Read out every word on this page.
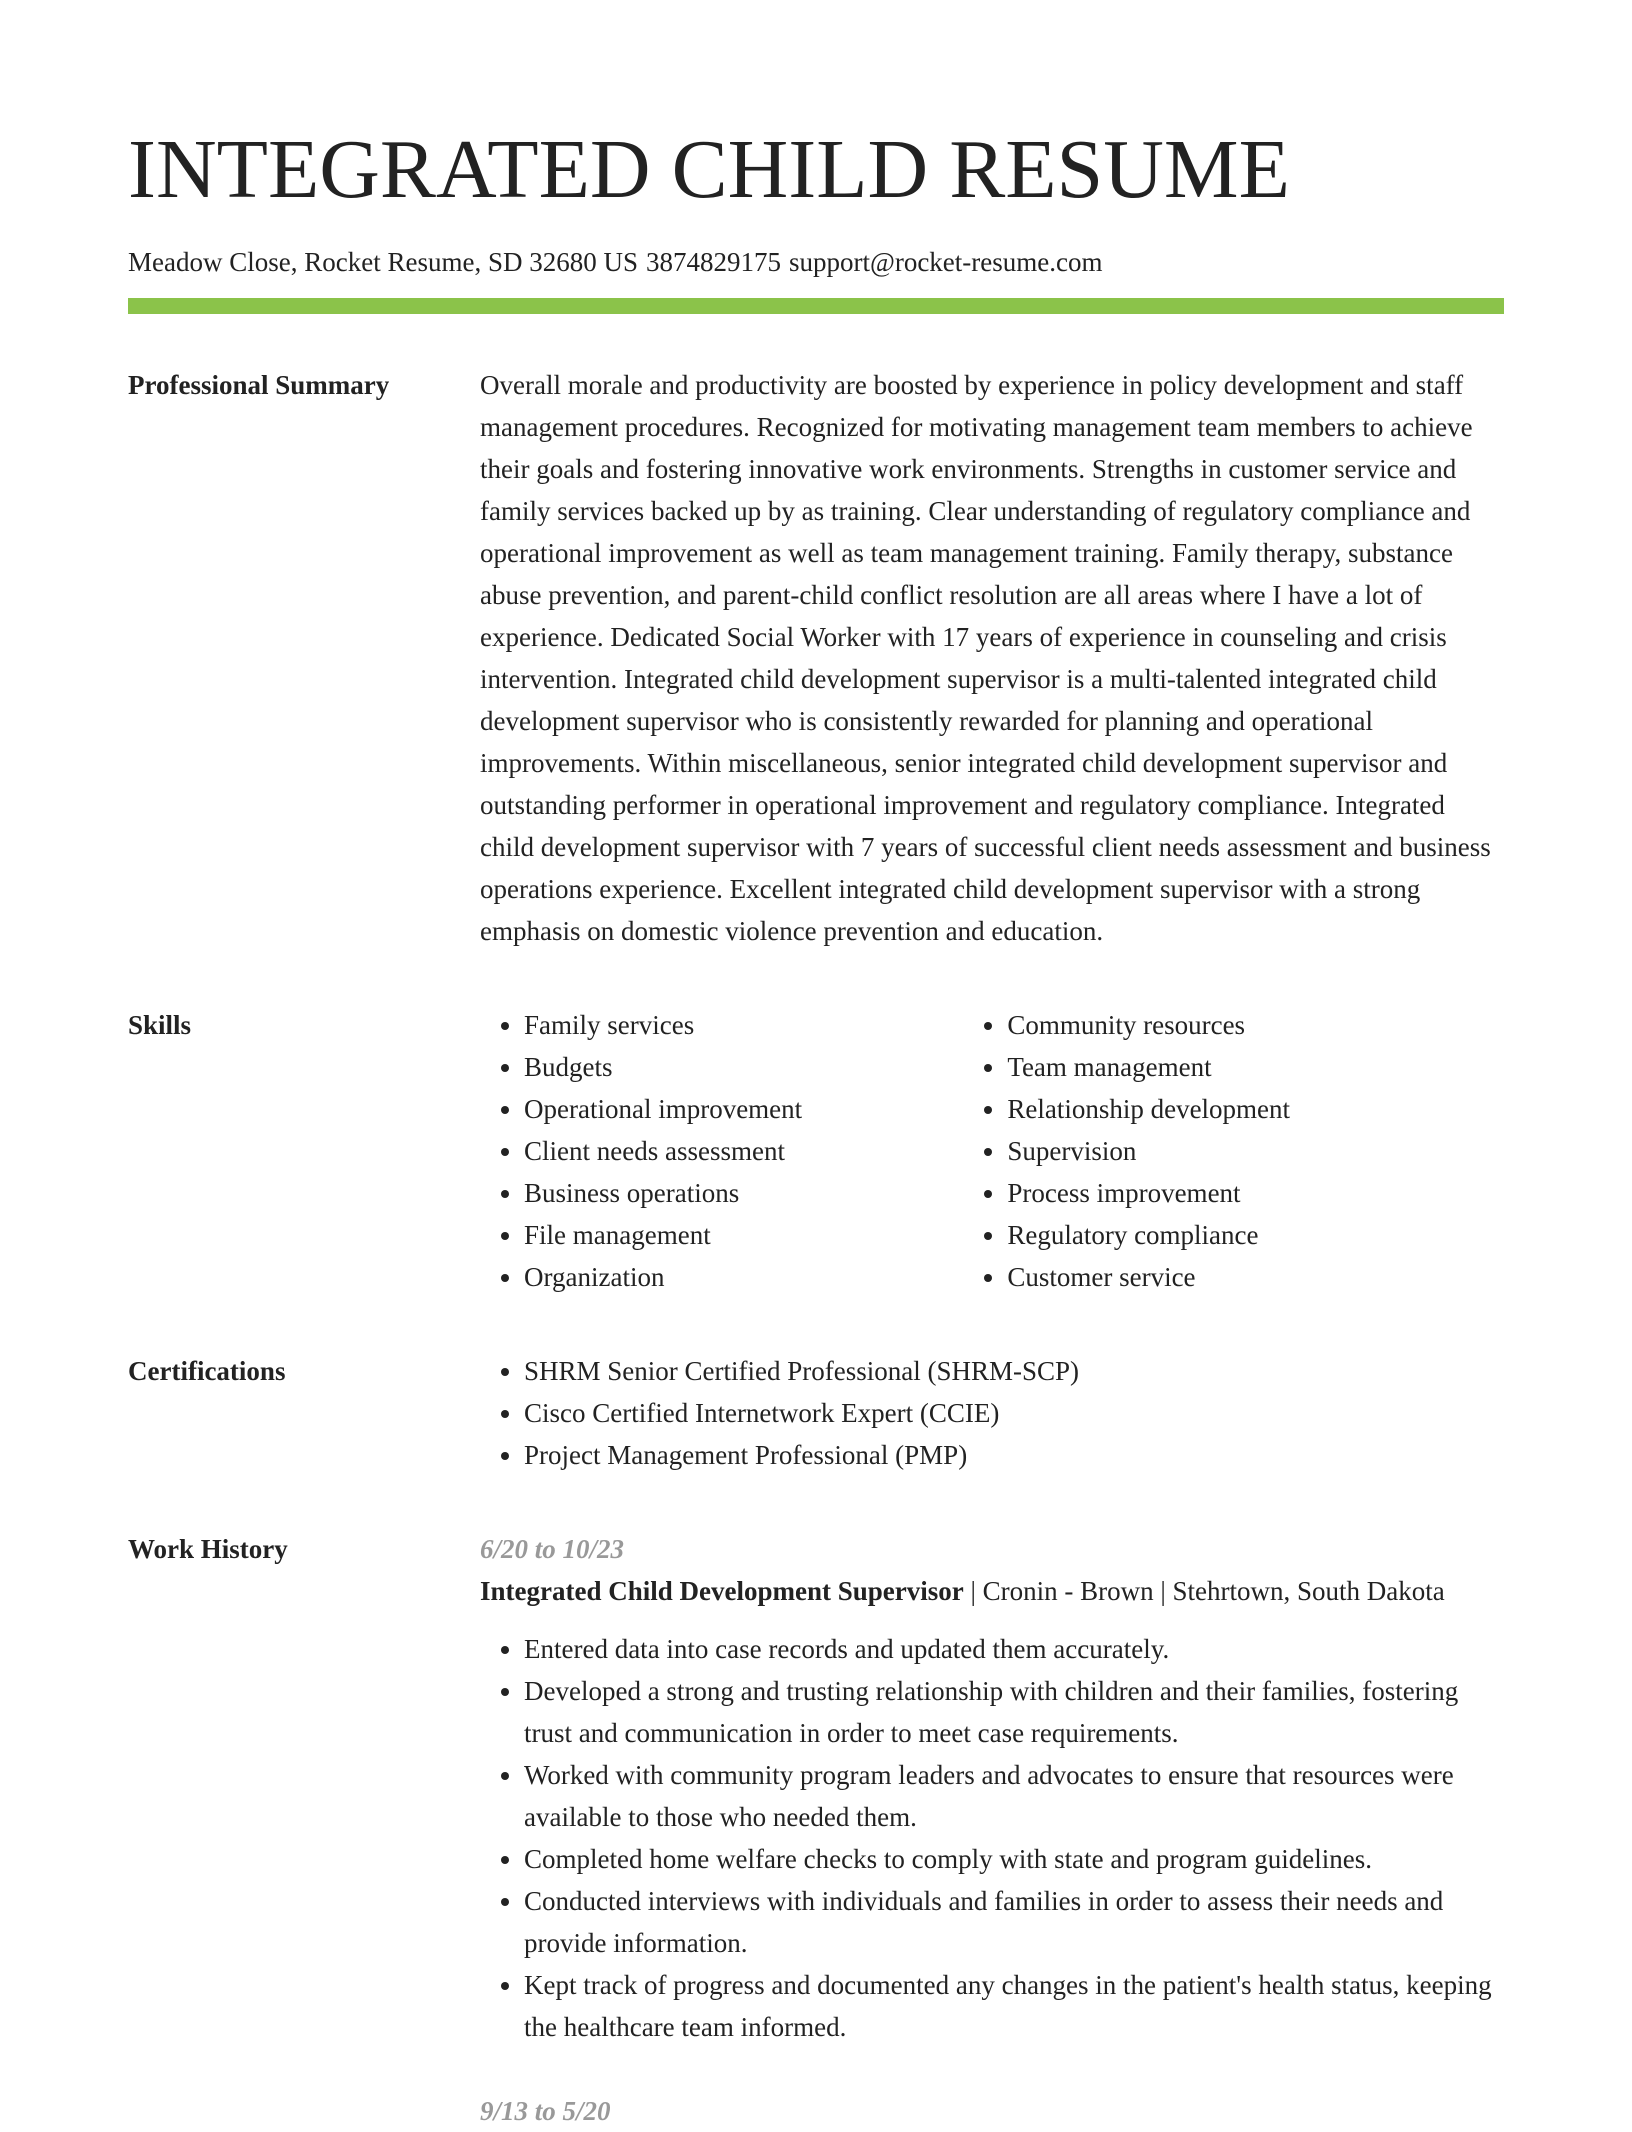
INTEGRATED CHILD RESUME
Meadow Close, Rocket Resume, SD 32680 US 3874829175 support@rocket-resume.com
Professional Summary	Overall morale and productivity are boosted by experience in policy development and staff management procedures. Recognized for motivating management team members to achieve their goals and fostering innovative work environments. Strengths in customer service and family services backed up by as training. Clear understanding of regulatory compliance and operational improvement as well as team management training. Family therapy, substance abuse prevention, and parent-child conflict resolution are all areas where I have a lot of experience. Dedicated Social Worker with 17 years of experience in counseling and crisis intervention. Integrated child development supervisor is a multi-talented integrated child development supervisor who is consistently rewarded for planning and operational improvements. Within miscellaneous, senior integrated child development supervisor and outstanding performer in operational improvement and regulatory compliance. Integrated child development supervisor with 7 years of successful client needs assessment and business operations experience. Excellent integrated child development supervisor with a strong emphasis on domestic violence prevention and education.

Skills	• Family services
• Budgets
• Operational improvement
• Client needs assessment
• Business operations
• File management
• Organization
• Community resources
• Team management
• Relationship development
• Supervision
• Process improvement
• Regulatory compliance
• Customer service
Certifications	• SHRM Senior Certified Professional (SHRM-SCP)
• Cisco Certified Internetwork Expert (CCIE)
• Project Management Professional (PMP)
Work History	6/20 to 10/23
Integrated Child Development Supervisor | Cronin - Brown | Stehrtown, South Dakota
• Entered data into case records and updated them accurately.
• Developed a strong and trusting relationship with children and their families, fostering trust and communication in order to meet case requirements.
• Worked with community program leaders and advocates to ensure that resources were available to those who needed them.
• Completed home welfare checks to comply with state and program guidelines.
• Conducted interviews with individuals and families in order to assess their needs and provide information.
• Kept track of progress and documented any changes in the patient's health status, keeping the healthcare team informed.
9/13 to 5/20
